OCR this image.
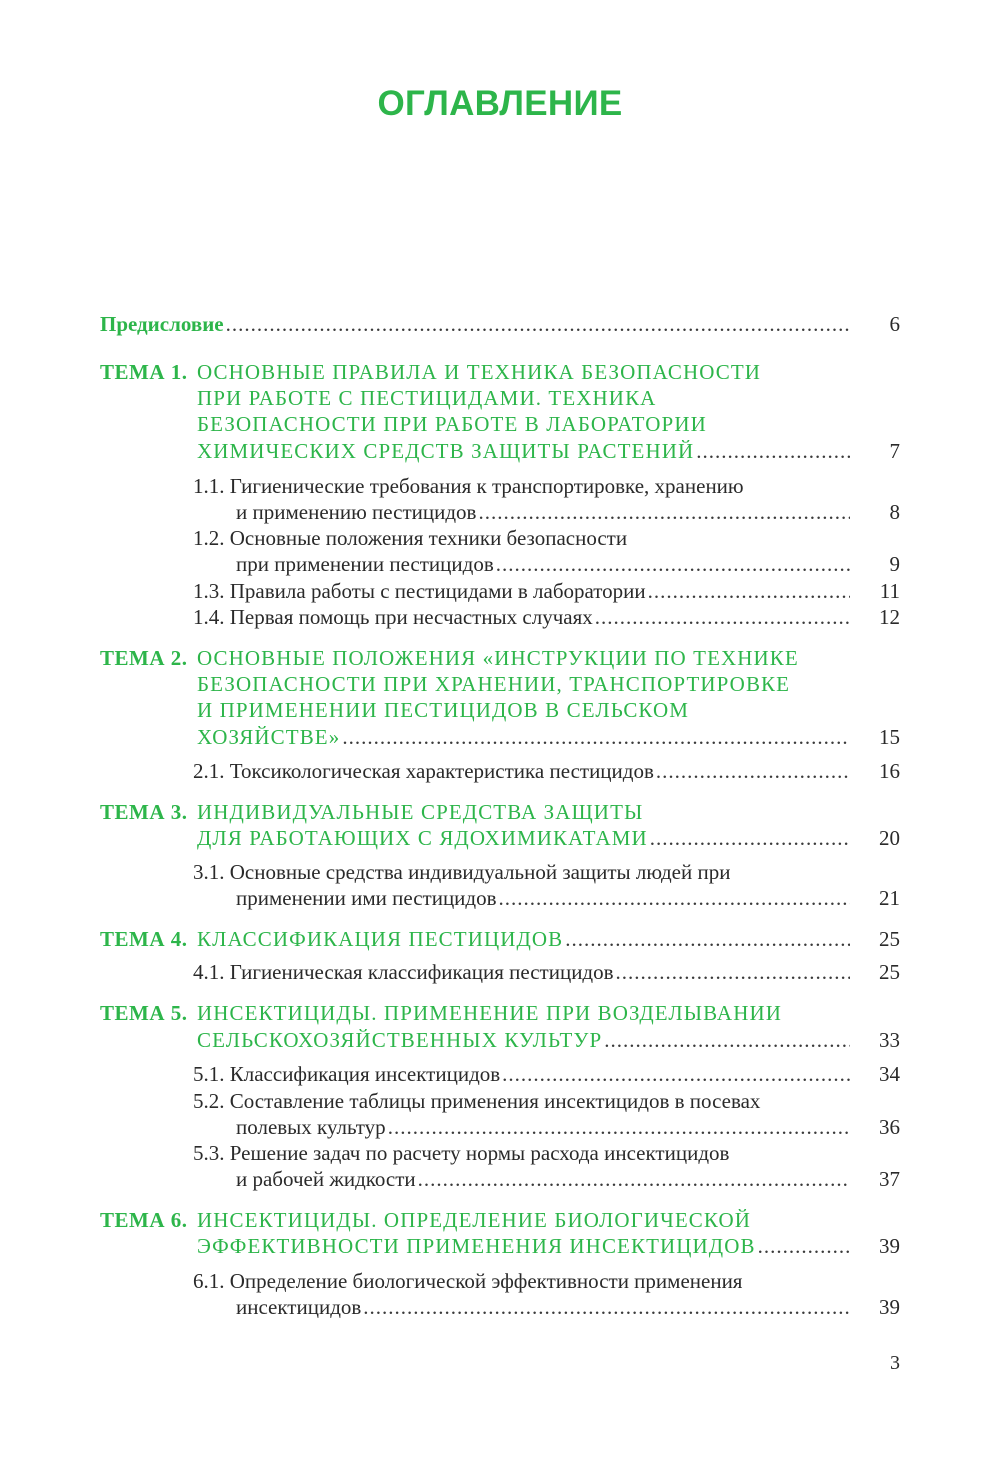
ОГЛАВЛЕНИЕ
Предисловие .....	6
ТЕМА 1. ОСНОВНЫЕ ПРАВИЛА И ТЕХНИКА БЕЗОПАСНОСТИ
ПРИ РАБОТЕ С ПЕСТИЦИДАМИ. ТЕХНИКА
БЕЗОПАСНОСТИ ПРИ РАБОТЕ В ЛАБОРАТОРИИ
ХИМИЧЕСКИХ СРЕДСТВ ЗАЩИТЫ РАСТЕНИЙ .....	7
1.1. Гигиенические требования к транспортировке, хранению
и применению пестицидов .....	8
1.2. Основные положения техники безопасности
при применении пестицидов .....	9
1.3. Правила работы с пестицидами в лаборатории .....	11
1.4. Первая помощь при несчастных случаях .....	12
ТЕМА 2. ОСНОВНЫЕ ПОЛОЖЕНИЯ «ИНСТРУКЦИИ ПО ТЕХНИКЕ
БЕЗОПАСНОСТИ ПРИ ХРАНЕНИИ, ТРАНСПОРТИРОВКЕ
И ПРИМЕНЕНИИ ПЕСТИЦИДОВ В СЕЛЬСКОМ
ХОЗЯЙСТВЕ» .....	15
2.1. Токсикологическая характеристика пестицидов .....	16
ТЕМА 3. ИНДИВИДУАЛЬНЫЕ СРЕДСТВА ЗАЩИТЫ
ДЛЯ РАБОТАЮЩИХ С ЯДОХИМИКАТАМИ .....	20
3.1. Основные средства индивидуальной защиты людей при
применении ими пестицидов .....	21
ТЕМА 4. КЛАССИФИКАЦИЯ ПЕСТИЦИДОВ .....	25
4.1. Гигиеническая классификация пестицидов .....	25
ТЕМА 5. ИНСЕКТИЦИДЫ. ПРИМЕНЕНИЕ ПРИ ВОЗДЕЛЫВАНИИ
СЕЛЬСКОХОЗЯЙСТВЕННЫХ КУЛЬТУР .....	33
5.1. Классификация инсектицидов .....	34
5.2. Составление таблицы применения инсектицидов в посевах
полевых культур .....	36
5.3. Решение задач по расчету нормы расхода инсектицидов
и рабочей жидкости .....	37
ТЕМА 6. ИНСЕКТИЦИДЫ. ОПРЕДЕЛЕНИЕ БИОЛОГИЧЕСКОЙ
ЭФФЕКТИВНОСТИ ПРИМЕНЕНИЯ ИНСЕКТИЦИДОВ .....	39
6.1. Определение биологической эффективности применения
инсектицидов .....	39
3
